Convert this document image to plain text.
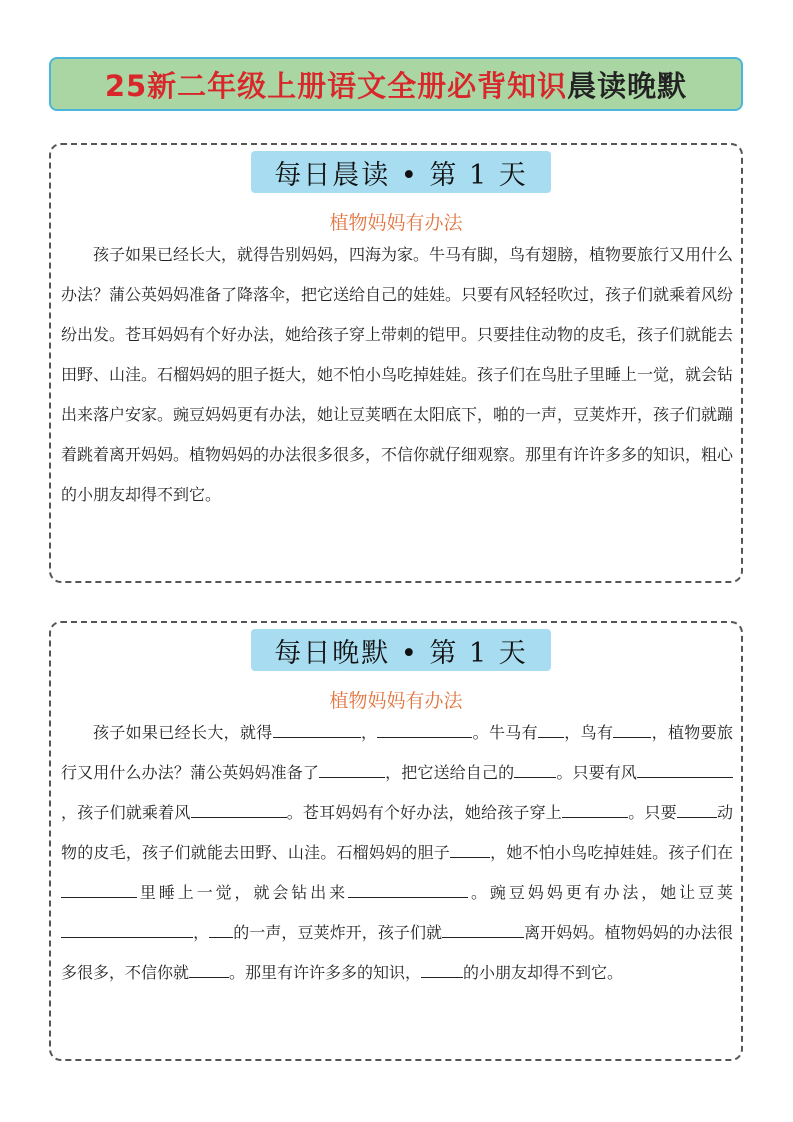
25新二年级上册语文全册必背知识 晨读晚默
每日晨读 • 第 1 天
植物妈妈有办法
孩子如果已经长大，就得告别妈妈，四海为家。牛马有脚，鸟有翅膀，植物要旅行又用什么办法？蒲公英妈妈准备了降落伞，把它送给自己的娃娃。只要有风轻轻吹过，孩子们就乘着风纷纷出发。苍耳妈妈有个好办法，她给孩子穿上带刺的铠甲。只要挂住动物的皮毛，孩子们就能去田野、山洼。石榴妈妈的胆子挺大，她不怕小鸟吃掉娃娃。孩子们在鸟肚子里睡上一觉，就会钻出来落户安家。豌豆妈妈更有办法，她让豆荚晒在太阳底下，啪的一声，豆荚炸开，孩子们就蹦着跳着离开妈妈。植物妈妈的办法很多很多，不信你就仔细观察。那里有许许多多的知识，粗心的小朋友却得不到它。
每日晚默 • 第 1 天
植物妈妈有办法
孩子如果已经长大，就得	，	。牛马有 ，鸟有 ，植物要旅行又用什么办法？蒲公英妈妈准备了	，把它送给自己的	。只要有风，孩子们就乘着风	。苍耳妈妈有个好办法，她给孩子穿上	。只要	动物的皮毛，孩子们就能去田野、山洼。石榴妈妈的胆子	，她不怕小鸟吃掉娃娃。孩子们在里睡上一觉，就会钻出来	。豌豆妈妈更有办法，她让豆荚， 的一声，豆荚炸开，孩子们就	离开妈妈。植物妈妈的办法很多很多，不信你就	。那里有许许多多的知识，	的小朋友却得不到它。
